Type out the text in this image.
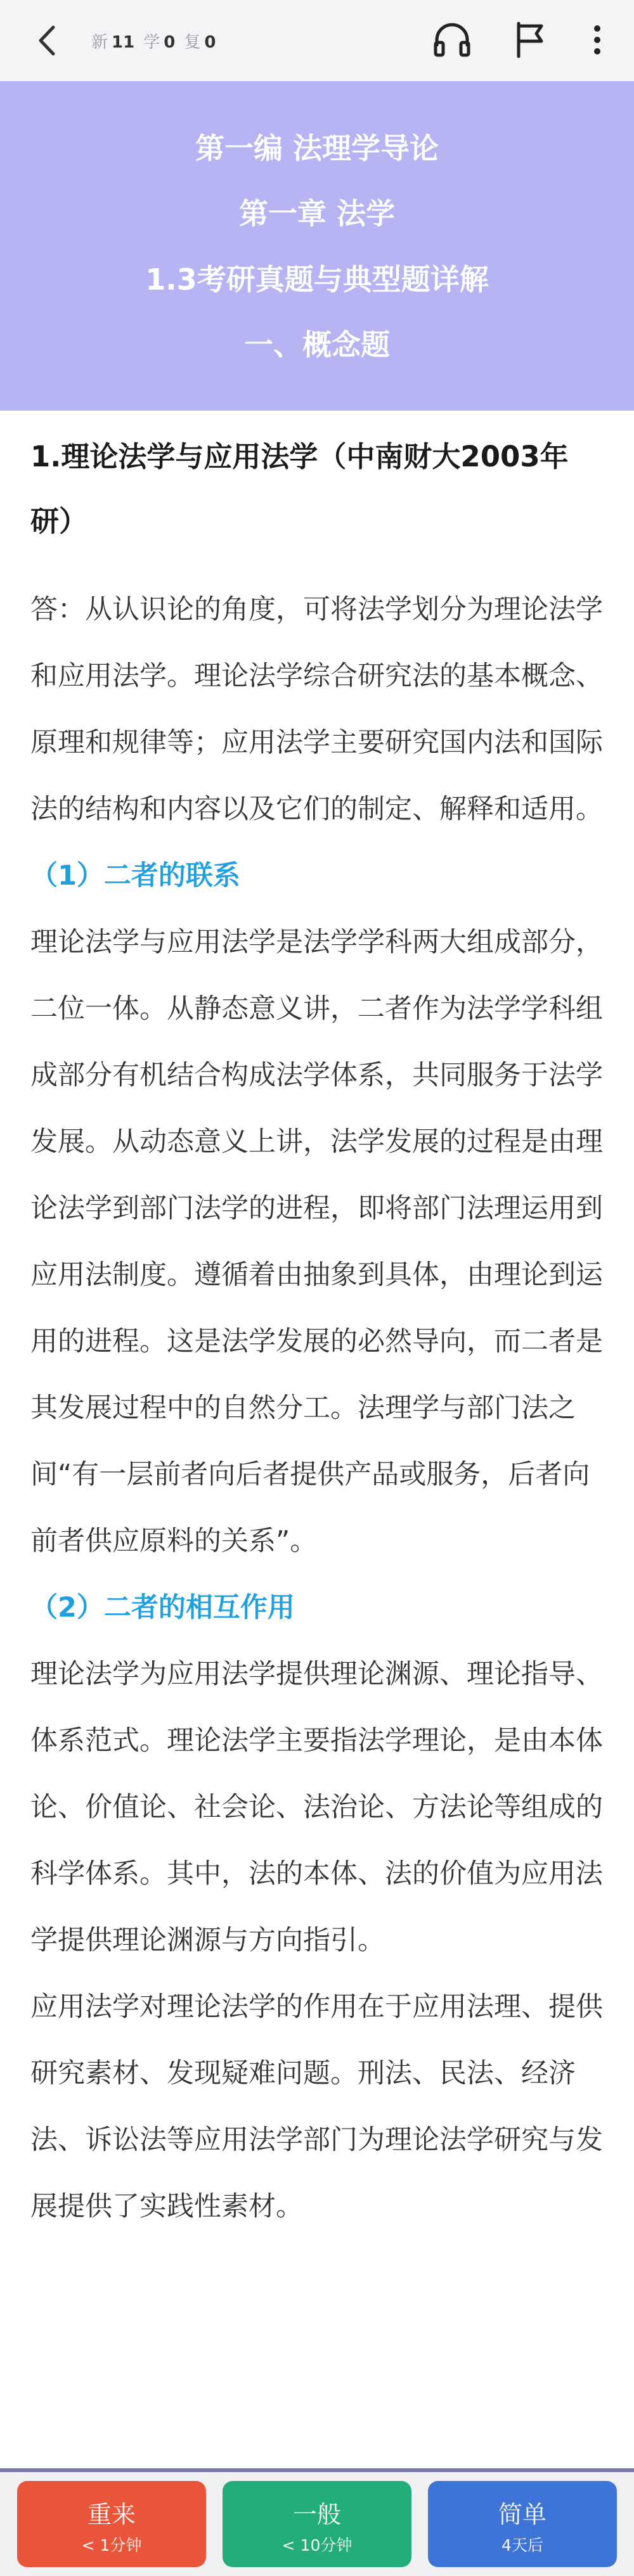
新 11 学 0 复 0
第一编 法理学导论
第一章 法学
1.3考研真题与典型题详解
一、概念题
1.理论法学与应用法学（中南财大2003年研）

答：从认识论的角度，可将法学划分为理论法学和应用法学。理论法学综合研究法的基本概念、原理和规律等；应用法学主要研究国内法和国际法的结构和内容以及它们的制定、解释和适用。

（1）二者的联系

理论法学与应用法学是法学学科两大组成部分，二位一体。从静态意义讲，二者作为法学学科组成部分有机结合构成法学体系，共同服务于法学发展。从动态意义上讲，法学发展的过程是由理论法学到部门法学的进程，即将部门法理运用到应用法制度。遵循着由抽象到具体，由理论到运用的进程。这是法学发展的必然导向，而二者是其发展过程中的自然分工。法理学与部门法之间“有一层前者向后者提供产品或服务，后者向前者供应原料的关系”。

（2）二者的相互作用

理论法学为应用法学提供理论渊源、理论指导、体系范式。理论法学主要指法学理论，是由本体论、价值论、社会论、法治论、方法论等组成的科学体系。其中，法的本体、法的价值为应用法学提供理论渊源与方向指引。

应用法学对理论法学的作用在于应用法理、提供研究素材、发现疑难问题。刑法、民法、经济法、诉讼法等应用法学部门为理论法学研究与发展提供了实践性素材。

重来
< 1分钟
一般
< 10分钟
简单
4天后
